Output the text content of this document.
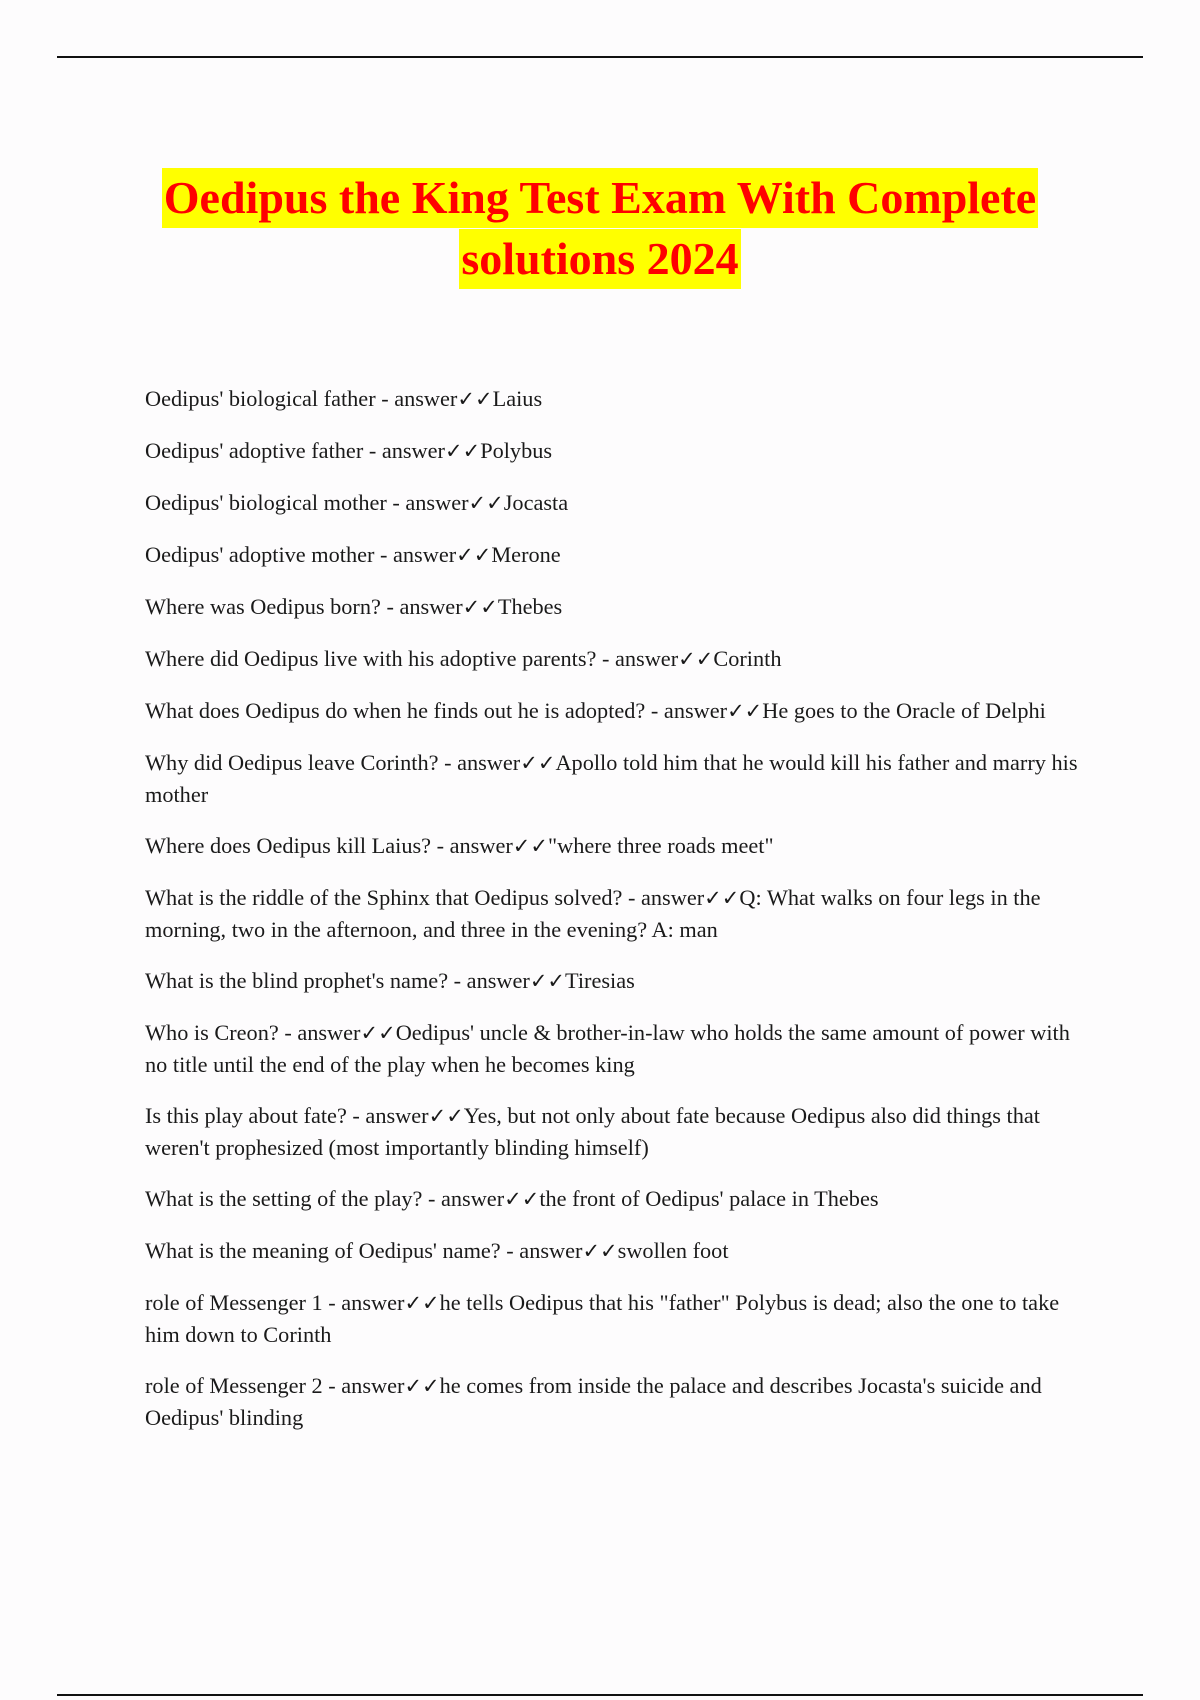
Oedipus the King Test Exam With Complete
solutions 2024
Oedipus' biological father - answer✓✓Laius
Oedipus' adoptive father - answer✓✓Polybus
Oedipus' biological mother - answer✓✓Jocasta
Oedipus' adoptive mother - answer✓✓Merone
Where was Oedipus born? - answer✓✓Thebes
Where did Oedipus live with his adoptive parents? - answer✓✓Corinth
What does Oedipus do when he finds out he is adopted? - answer✓✓He goes to the Oracle of Delphi
Why did Oedipus leave Corinth? - answer✓✓Apollo told him that he would kill his father and marry his mother
Where does Oedipus kill Laius? - answer✓✓"where three roads meet"
What is the riddle of the Sphinx that Oedipus solved? - answer✓✓Q: What walks on four legs in the morning, two in the afternoon, and three in the evening? A: man
What is the blind prophet's name? - answer✓✓Tiresias
Who is Creon? - answer✓✓Oedipus' uncle & brother-in-law who holds the same amount of power with no title until the end of the play when he becomes king
Is this play about fate? - answer✓✓Yes, but not only about fate because Oedipus also did things that weren't prophesized (most importantly blinding himself)
What is the setting of the play? - answer✓✓the front of Oedipus' palace in Thebes
What is the meaning of Oedipus' name? - answer✓✓swollen foot
role of Messenger 1 - answer✓✓he tells Oedipus that his "father" Polybus is dead; also the one to take him down to Corinth
role of Messenger 2 - answer✓✓he comes from inside the palace and describes Jocasta's suicide and Oedipus' blinding
